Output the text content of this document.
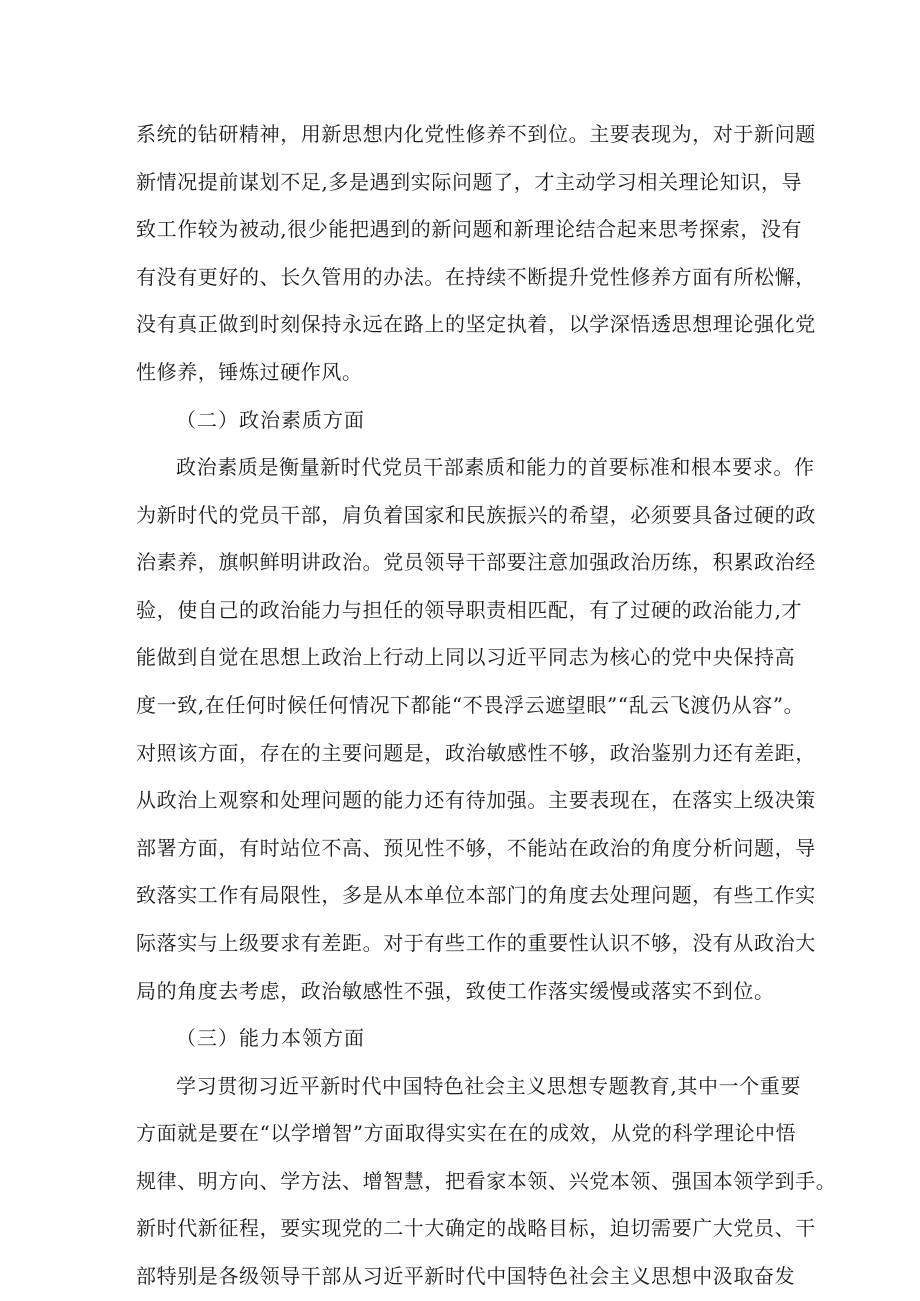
系统的钻研精神，用新思想内化党性修养不到位。主要表现为，对于新问题
新情况提前谋划不足,多是遇到实际问题了，才主动学习相关理论知识，导
致工作较为被动,很少能把遇到的新问题和新理论结合起来思考探索，没有
有没有更好的、长久管用的办法。在持续不断提升党性修养方面有所松懈，
没有真正做到时刻保持永远在路上的坚定执着，以学深悟透思想理论强化党
性修养，锤炼过硬作风。
（二）政治素质方面
政治素质是衡量新时代党员干部素质和能力的首要标准和根本要求。作
为新时代的党员干部，肩负着国家和民族振兴的希望，必须要具备过硬的政
治素养，旗帜鲜明讲政治。党员领导干部要注意加强政治历练，积累政治经
验，使自己的政治能力与担任的领导职责相匹配，有了过硬的政治能力,才
能做到自觉在思想上政治上行动上同以习近平同志为核心的党中央保持高
度一致,在任何时候任何情况下都能“不畏浮云遮望眼”“乱云飞渡仍从容”。
对照该方面，存在的主要问题是，政治敏感性不够，政治鉴别力还有差距，
从政治上观察和处理问题的能力还有待加强。主要表现在，在落实上级决策
部署方面，有时站位不高、预见性不够，不能站在政治的角度分析问题，导
致落实工作有局限性，多是从本单位本部门的角度去处理问题，有些工作实
际落实与上级要求有差距。对于有些工作的重要性认识不够，没有从政治大
局的角度去考虑，政治敏感性不强，致使工作落实缓慢或落实不到位。
（三）能力本领方面
学习贯彻习近平新时代中国特色社会主义思想专题教育,其中一个重要
方面就是要在“以学增智”方面取得实实在在的成效，从党的科学理论中悟
规律、明方向、学方法、增智慧，把看家本领、兴党本领、强国本领学到手。
新时代新征程，要实现党的二十大确定的战略目标，迫切需要广大党员、干
部特别是各级领导干部从习近平新时代中国特色社会主义思想中汲取奋发
